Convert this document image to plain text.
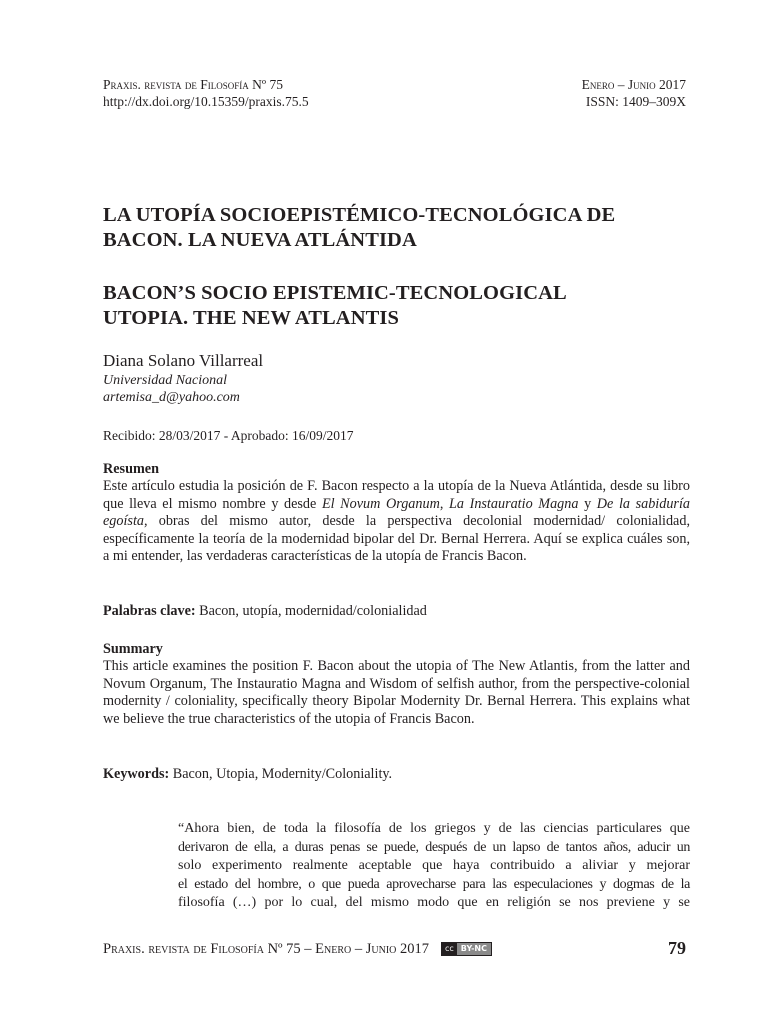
Praxis. revista de Filosofía Nº 75
http://dx.doi.org/10.15359/praxis.75.5
Enero – Junio 2017
ISSN: 1409–309X
LA UTOPÍA SOCIOEPISTÉMICO-TECNOLÓGICA DE
BACON. LA NUEVA ATLÁNTIDA
BACON’S SOCIO EPISTEMIC-TECNOLOGICAL
UTOPIA. THE NEW ATLANTIS
Diana Solano Villarreal
Universidad Nacional
artemisa_d@yahoo.com
Recibido: 28/03/2017 - Aprobado: 16/09/2017
Resumen
Este artículo estudia la posición de F. Bacon respecto a la utopía de la Nueva Atlántida, desde su libro que lleva el mismo nombre y desde El Novum Organum, La Instauratio Magna y De la sabiduría egoísta, obras del mismo autor, desde la perspectiva decolonial modernidad/ colonialidad, específicamente la teoría de la modernidad bipolar del Dr. Bernal Herrera. Aquí se explica cuáles son, a mi entender, las verdaderas características de la utopía de Francis Bacon.
Palabras clave: Bacon, utopía, modernidad/colonialidad
Summary
This article examines the position F. Bacon about the utopia of The New Atlantis, from the latter and Novum Organum, The Instauratio Magna and Wisdom of selfish author, from the perspective-colonial modernity / coloniality, specifically theory Bipolar Modernity Dr. Bernal Herrera. This explains what we believe the true characteristics of the utopia of Francis Bacon.
Keywords: Bacon, Utopia, Modernity/Coloniality.
“Ahora bien, de toda la filosofía de los griegos y de las ciencias particulares que
derivaron de ella, a duras penas se puede, después de un lapso de tantos años, aducir un
solo experimento realmente aceptable que haya contribuido a aliviar y mejorar
el estado del hombre, o que pueda aprovecharse para las especulaciones y dogmas de la
filosofía (…) por lo cual, del mismo modo que en religión se nos previene y se
Praxis. revista de Filosofía Nº 75 – Enero – Junio 2017	cc BY-NC	79
